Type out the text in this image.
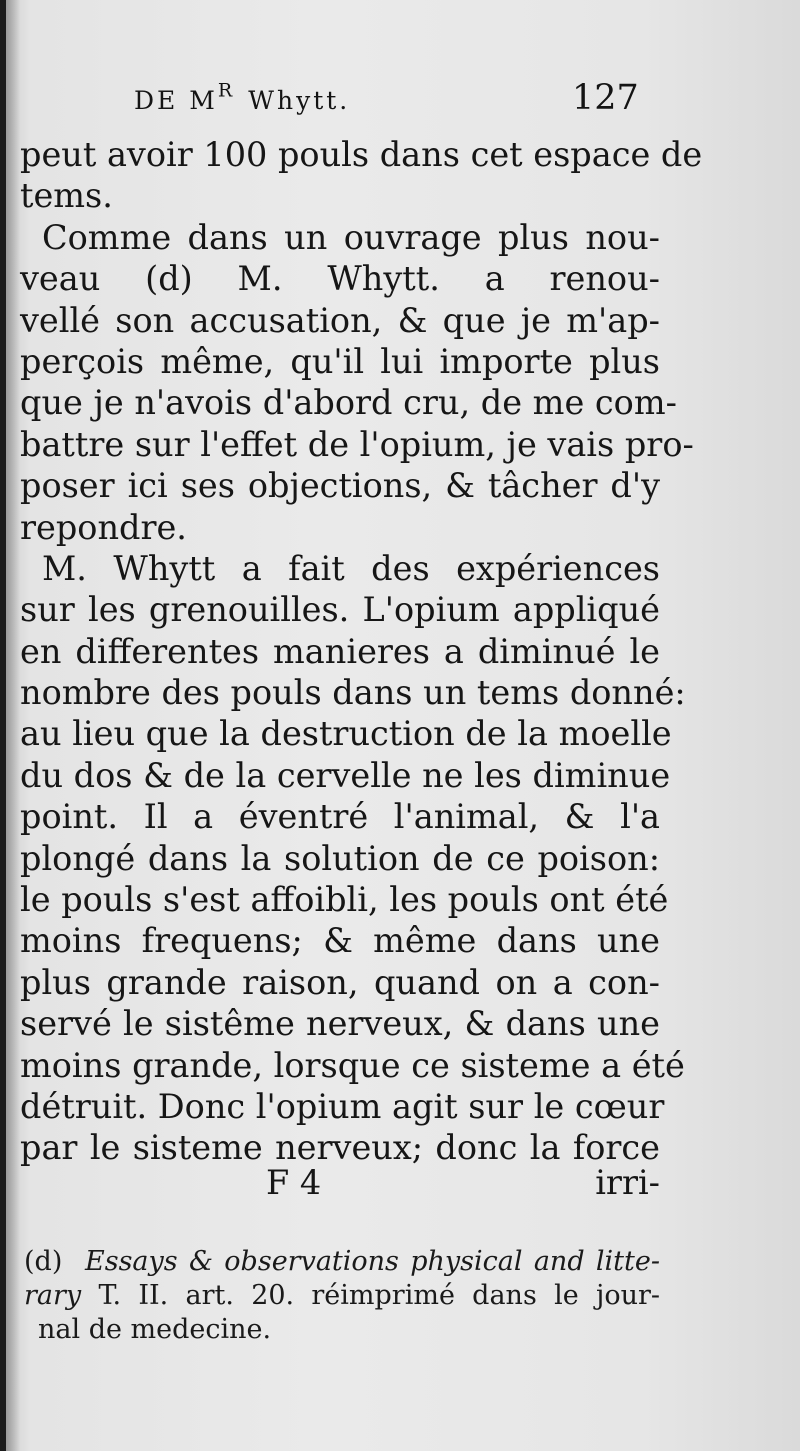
DE $M^R$ Whytt.	127
peut avoir 100 pouls dans cet espace de
tems.
Comme dans un ouvrage plus nou-
veau (d) M. Whytt. a renou-
vellé son accusation, & que je m'ap-
perçois même, qu'il lui importe plus
que je n'avois d'abord cru, de me com-
battre sur l'effet de l'opium, je vais pro-
poser ici ses objections, & tâcher d'y
repondre.
M. Whytt a fait des expériences
sur les grenouilles. L'opium appliqué
en differentes manieres a diminué le
nombre des pouls dans un tems donné:
au lieu que la destruction de la moelle
du dos & de la cervelle ne les diminue
point. Il a éventré l'animal, & l'a
plongé dans la solution de ce poison:
le pouls s'est affoibli, les pouls ont été
moins frequens; & même dans une
plus grande raison, quand on a con-
servé le sistême nerveux, & dans une
moins grande, lorsque ce sisteme a été
détruit. Donc l'opium agit sur le cœur
par le sisteme nerveux; donc la force
F 4	irri-
(d) Essays & observations physical and litte-
rary T. II. art. 20. réimprimé dans le jour-
nal de medecine.
